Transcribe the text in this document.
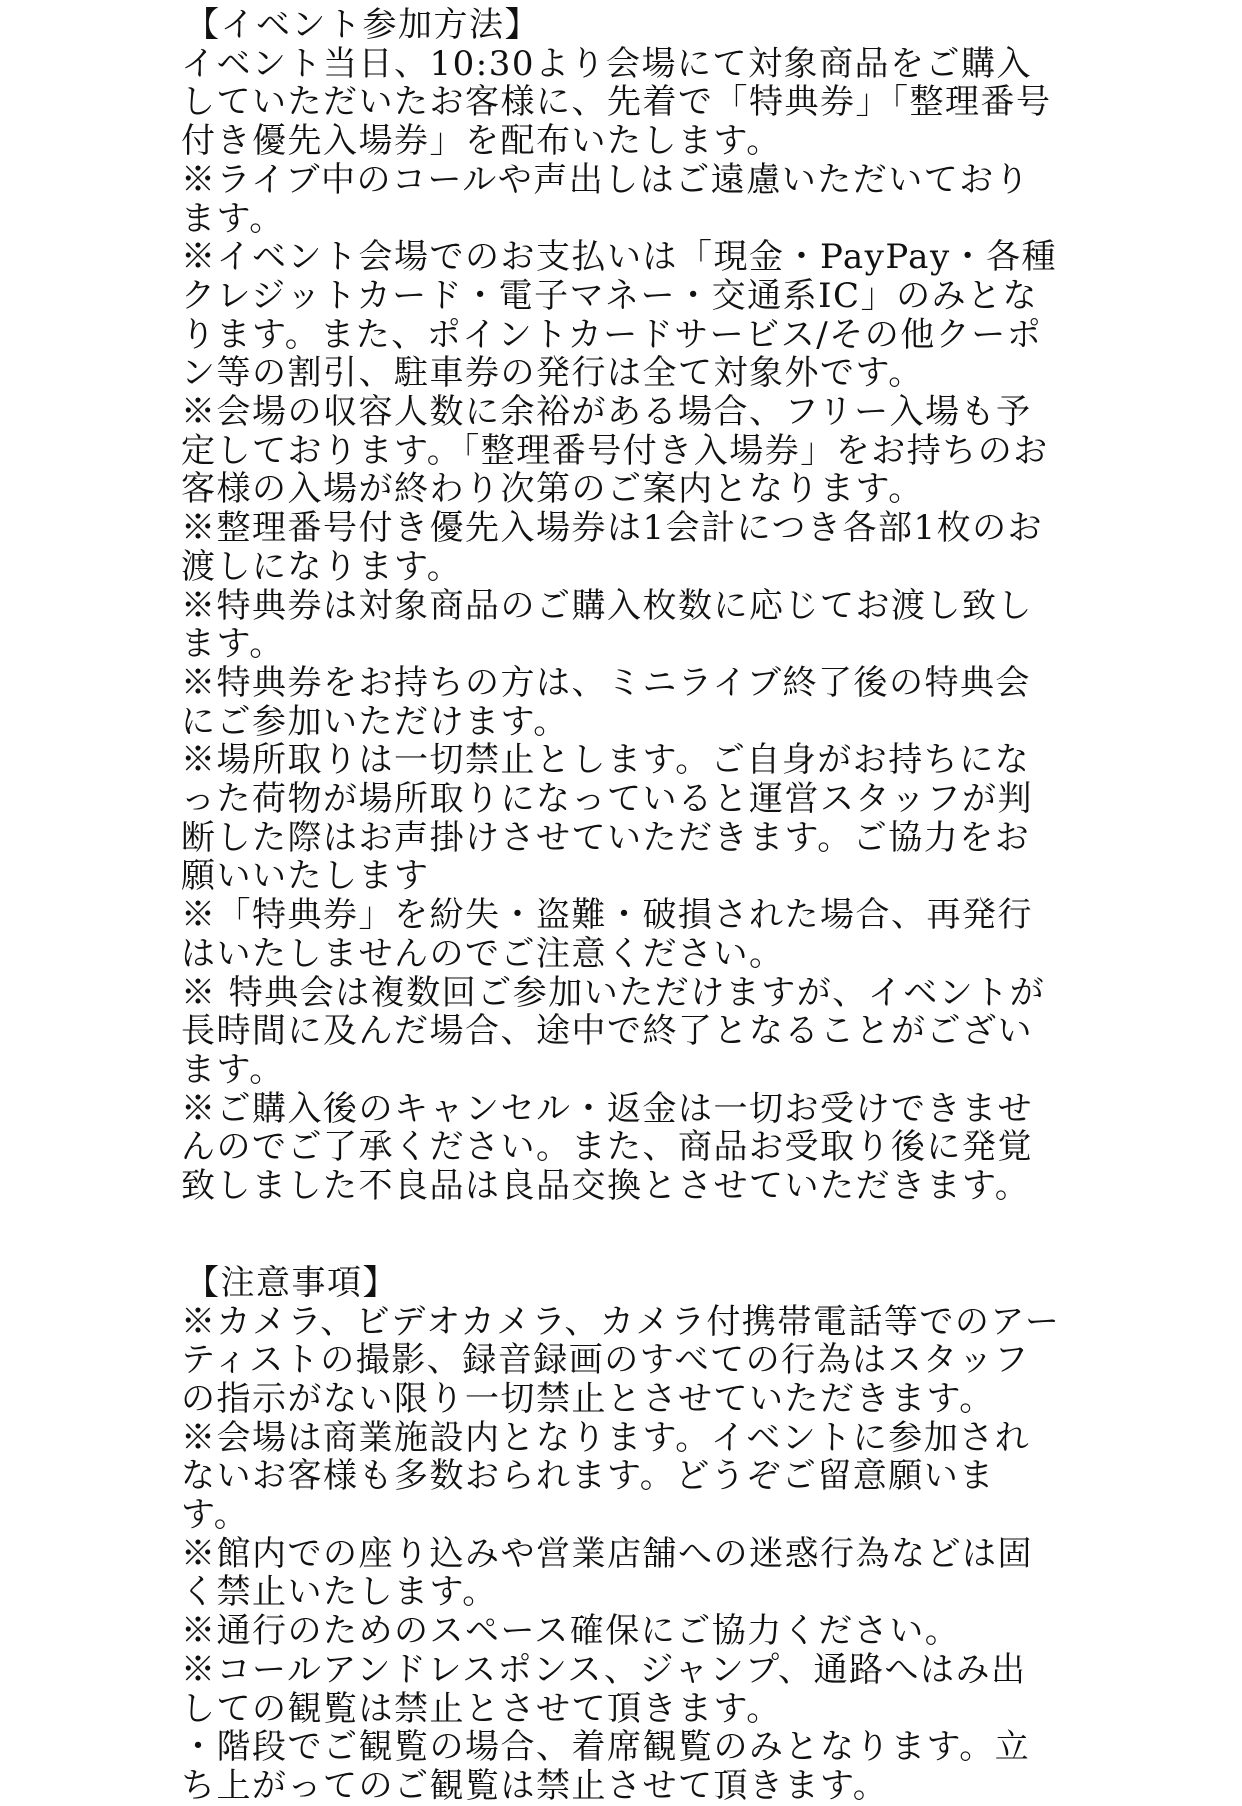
【イベント参加方法】

イベント当日、10:30より会場にて対象商品をご購入していただいたお客様に、先着で「特典券」「整理番号付き優先入場券」を配布いたします。

※ライブ中のコールや声出しはご遠慮いただいております。

※イベント会場でのお支払いは「現金・PayPay・各種クレジットカード・電子マネー・交通系IC」のみとなります。また、ポイントカードサービス/その他クーポン等の割引、駐車券の発行は全て対象外です。

※会場の収容人数に余裕がある場合、フリー入場も予定しております。「整理番号付き入場券」をお持ちのお客様の入場が終わり次第のご案内となります。

※整理番号付き優先入場券は1会計につき各部1枚のお渡しになります。

※特典券は対象商品のご購入枚数に応じてお渡し致します。

※特典券をお持ちの方は、ミニライブ終了後の特典会にご参加いただけます。

※場所取りは一切禁止とします。ご自身がお持ちになった荷物が場所取りになっていると運営スタッフが判断した際はお声掛けさせていただきます。ご協力をお願いいたします

※「特典券」を紛失・盗難・破損された場合、再発行はいたしませんのでご注意ください。

※ 特典会は複数回ご参加いただけますが、イベントが長時間に及んだ場合、途中で終了となることがございます。

※ご購入後のキャンセル・返金は一切お受けできませんのでご了承ください。また、商品お受取り後に発覚致しました不良品は良品交換とさせていただきます。

【注意事項】

※カメラ、ビデオカメラ、カメラ付携帯電話等でのアーティストの撮影、録音録画のすべての行為はスタッフの指示がない限り一切禁止とさせていただきます。

※会場は商業施設内となります。イベントに参加されないお客様も多数おられます。どうぞご留意願います。

※館内での座り込みや営業店舗への迷惑行為などは固く禁止いたします。

※通行のためのスペース確保にご協力ください。

※コールアンドレスポンス、ジャンプ、通路へはみ出しての観覧は禁止とさせて頂きます。

・階段でご観覧の場合、着席観覧のみとなります。立ち上がってのご観覧は禁止させて頂きます。
